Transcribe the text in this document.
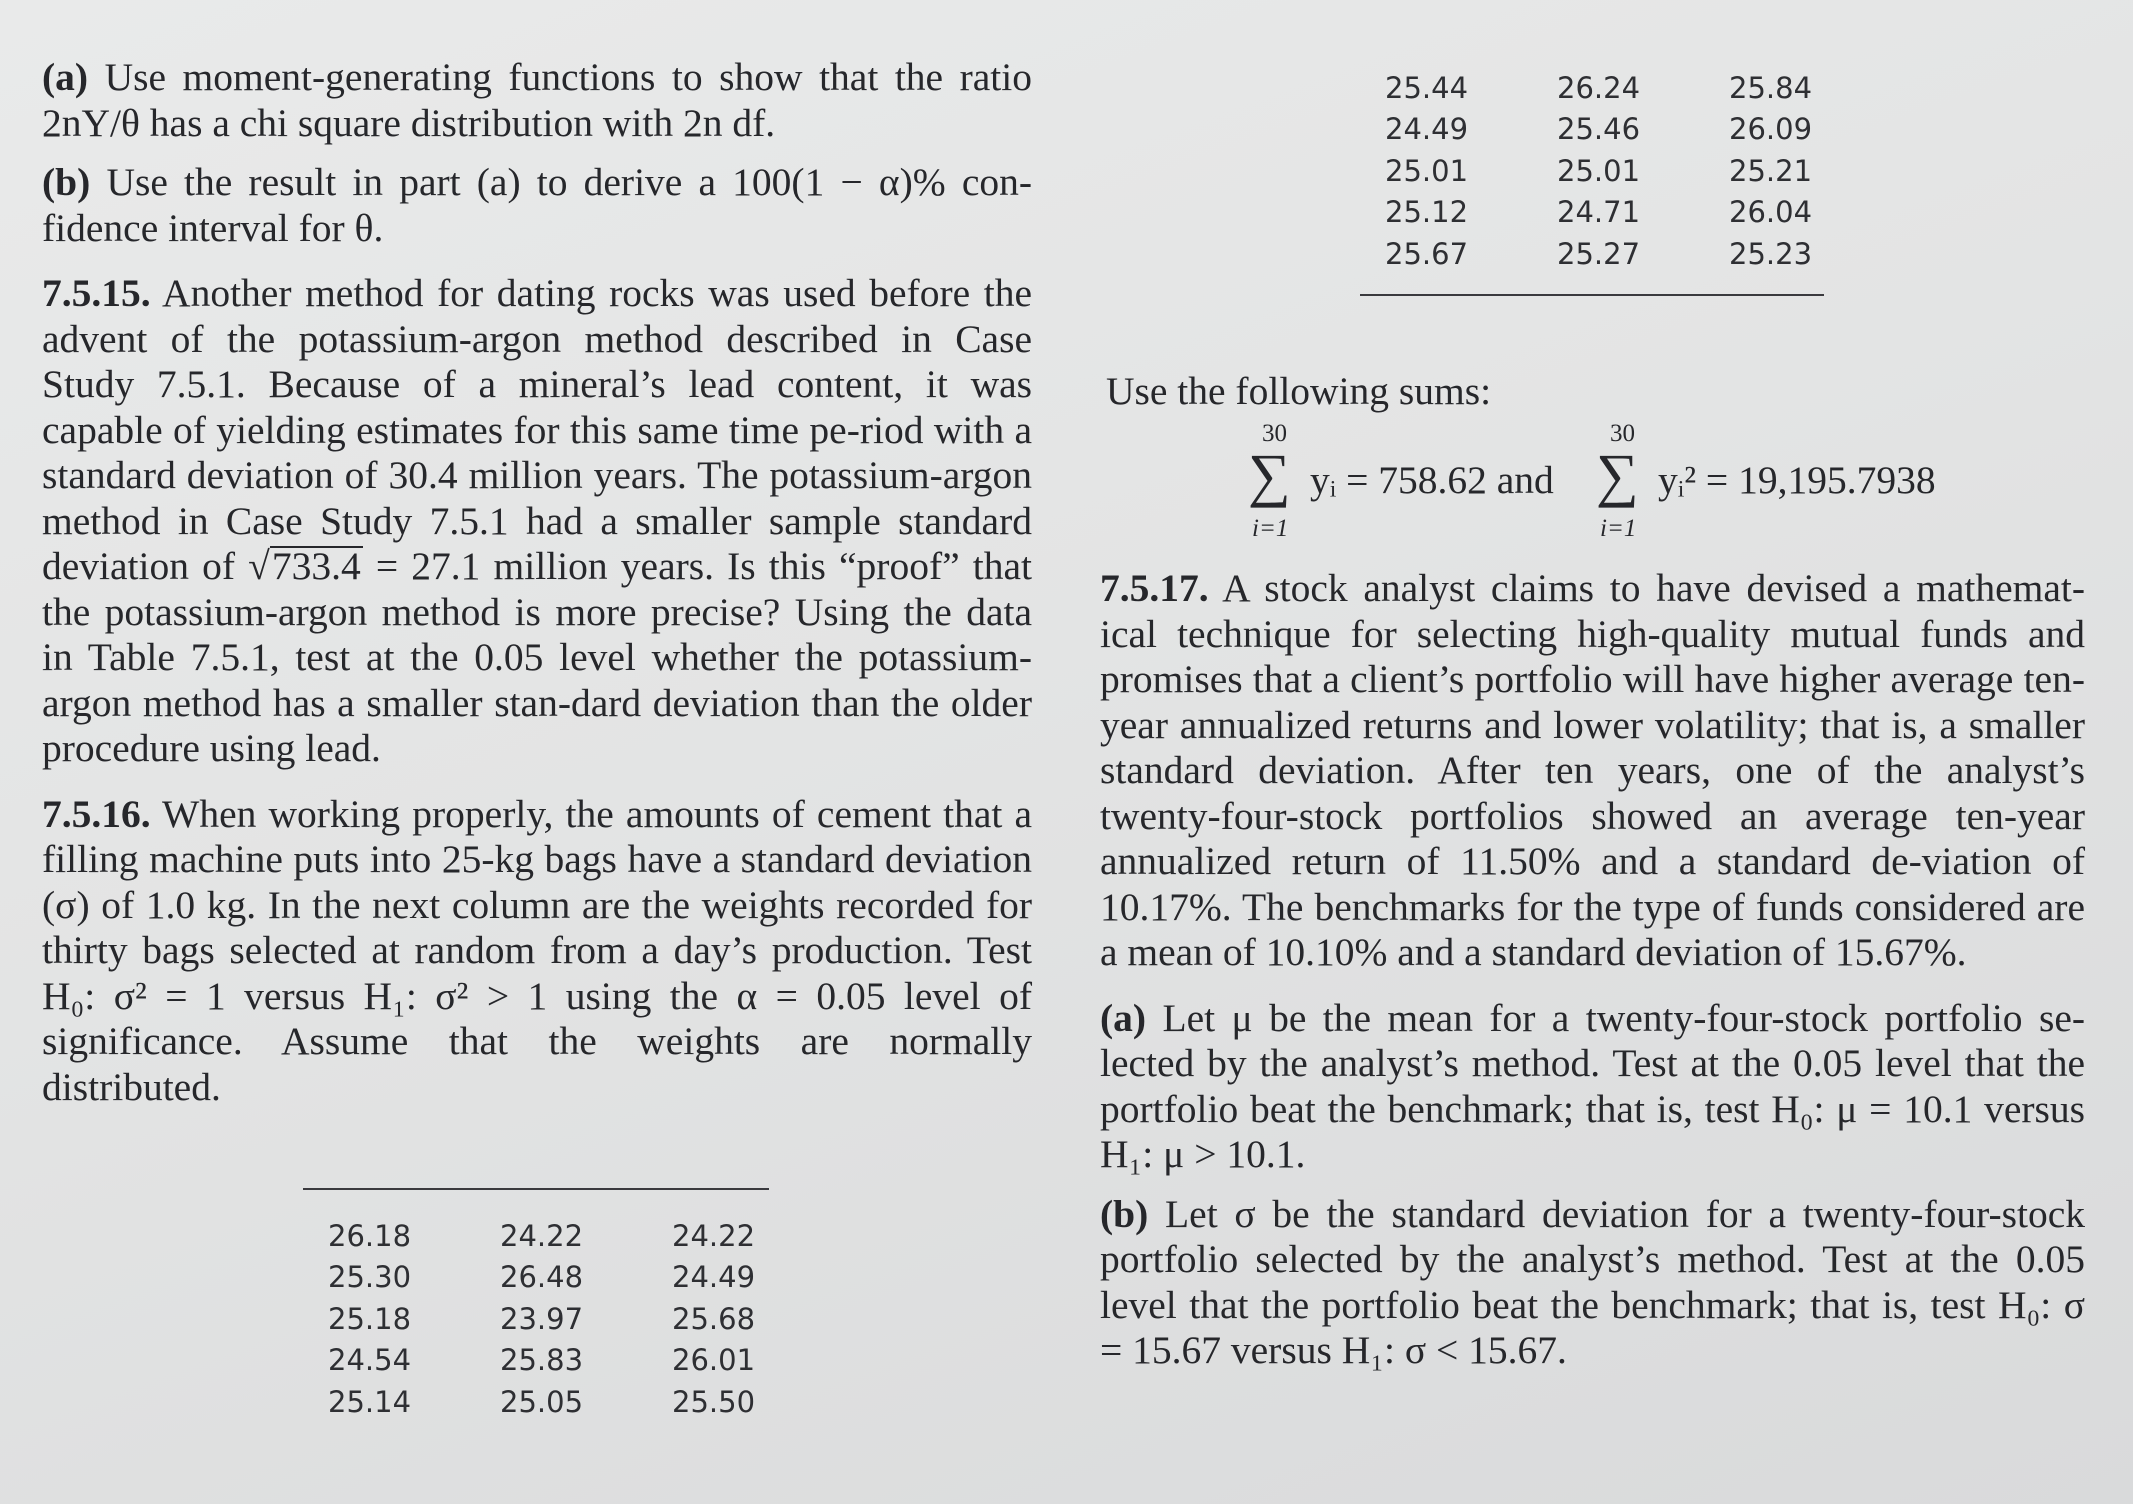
(a) Use moment-generating functions to show that the ratio 2nY/θ has a chi square distribution with 2n df.

(b) Use the result in part (a) to derive a 100(1 − α)% con-fidence interval for θ.

7.5.15. Another method for dating rocks was used before the advent of the potassium-argon method described in Case Study 7.5.1. Because of a mineral’s lead content, it was capable of yielding estimates for this same time pe-riod with a standard deviation of 30.4 million years. The potassium-argon method in Case Study 7.5.1 had a smaller sample standard deviation of √733.4 = 27.1 million years. Is this “proof” that the potassium-argon method is more precise? Using the data in Table 7.5.1, test at the 0.05 level whether the potassium-argon method has a smaller stan-dard deviation than the older procedure using lead.

7.5.16. When working properly, the amounts of cement that a filling machine puts into 25-kg bags have a standard deviation (σ) of 1.0 kg. In the next column are the weights recorded for thirty bags selected at random from a day’s production. Test H₀: σ² = 1 versus H₁: σ² > 1 using the α = 0.05 level of significance. Assume that the weights are normally distributed.

26.18	24.22	24.22
25.30	26.48	24.49
25.18	23.97	25.68
24.54	25.83	26.01
25.14	25.05	25.50
25.44	26.24	25.84
24.49	25.46	26.09
25.01	25.01	25.21
25.12	24.71	26.04
25.67	25.27	25.23
Use the following sums:
30
∑
i=1
yᵢ = 758.62 and
30
∑
i=1
yᵢ² = 19,195.7938

7.5.17. A stock analyst claims to have devised a mathemat-ical technique for selecting high-quality mutual funds and promises that a client’s portfolio will have higher average ten-year annualized returns and lower volatility; that is, a smaller standard deviation. After ten years, one of the analyst’s twenty-four-stock portfolios showed an average ten-year annualized return of 11.50% and a standard de-viation of 10.17%. The benchmarks for the type of funds considered are a mean of 10.10% and a standard deviation of 15.67%.

(a) Let μ be the mean for a twenty-four-stock portfolio se-lected by the analyst’s method. Test at the 0.05 level that the portfolio beat the benchmark; that is, test H₀: μ = 10.1 versus H₁: μ > 10.1.

(b) Let σ be the standard deviation for a twenty-four-stock portfolio selected by the analyst’s method. Test at the 0.05 level that the portfolio beat the benchmark; that is, test H₀: σ = 15.67 versus H₁: σ < 15.67.
